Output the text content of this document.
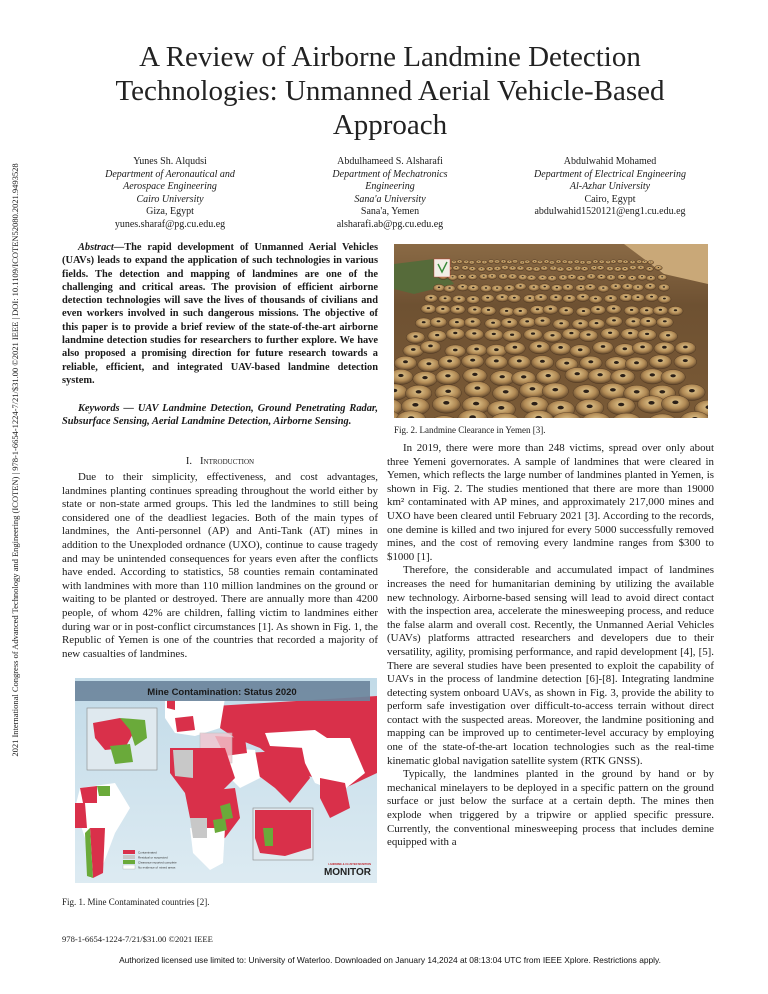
2021 International Congress of Advanced Technology and Engineering (ICOTEN) | 978-1-6654-1224-7/21/$31.00 ©2021 IEEE | DOI: 10.1109/ICOTEN52080.2021.9493528
A Review of Airborne Landmine Detection Technologies: Unmanned Aerial Vehicle-Based Approach
Yunes Sh. Alqudsi
Department of Aeronautical and
Aerospace Engineering
Cairo University
Giza, Egypt
yunes.sharaf@pg.cu.edu.eg
Abdulhameed S. Alsharafi
Department of Mechatronics
Engineering
Sana'a University
Sana'a, Yemen
alsharafi.ab@pg.cu.edu.eg
Abdulwahid Mohamed
Department of Electrical Engineering
Al-Azhar University
Cairo, Egypt
abdulwahid1520121@eng1.cu.edu.eg
Abstract—The rapid development of Unmanned Aerial Vehicles (UAVs) leads to expand the application of such technologies in various fields. The detection and mapping of landmines are one of the challenging and critical areas. The provision of efficient airborne detection technologies will save the lives of thousands of civilians and even workers involved in such dangerous missions. The objective of this paper is to provide a brief review of the state-of-the-art airborne landmine detection studies for researchers to further explore. We have also proposed a promising direction for future research towards a reliable, efficient, and integrated UAV-based landmine detection system.
Keywords — UAV Landmine Detection, Ground Penetrating Radar, Subsurface Sensing, Aerial Landmine Detection, Airborne Sensing.
I. Introduction

Due to their simplicity, effectiveness, and cost advantages, landmines planting continues spreading throughout the world either by state or non-state armed groups. This led the landmines to still being considered one of the deadliest legacies. Both of the main types of landmines, the Anti-personnel (AP) and Anti-Tank (AT) mines in addition to the Unexploded ordnance (UXO), continue to cause tragedy and may be unintended consequences for years even after the conflicts have ended. According to statistics, 58 counties remain contaminated with landmines with more than 110 million landmines on the ground or waiting to be planted or destroyed. There are annually more than 4200 people, of whom 42% are children, falling victim to landmines either during war or in post-conflict circumstances [1]. As shown in Fig. 1, the Republic of Yemen is one of the countries that recorded a majority of new casualties of landmines.

Mine Contamination: Status 2020
Contaminated
Residual or suspected
Clearance reported complete
No evidence of mined areas
LANDMINE & CLUSTER MUNITION
MONITOR
Fig. 1. Mine Contaminated countries [2].
Fig. 2. Landmine Clearance in Yemen [3].

In 2019, there were more than 248 victims, spread over only about three Yemeni governorates. A sample of landmines that were cleared in Yemen, which reflects the large number of landmines planted in Yemen, is shown in Fig. 2. The studies mentioned that there are more than 19000 km² contaminated with AP mines, and approximately 217,000 mines and UXO have been cleared until February 2021 [3]. According to the records, one demine is killed and two injured for every 5000 successfully removed mines, and the cost of removing every landmine ranges from $300 to $1000 [1].

Therefore, the considerable and accumulated impact of landmines increases the need for humanitarian demining by utilizing the available new technology. Airborne-based sensing will lead to avoid direct contact with the inspection area, accelerate the minesweeping process, and reduce the false alarm and overall cost. Recently, the Unmanned Aerial Vehicles (UAVs) platforms attracted researchers and developers due to their versatility, agility, promising performance, and rapid development [4], [5]. There are several studies have been presented to exploit the capability of UAVs in the process of landmine detection [6]-[8]. Integrating landmine detecting system onboard UAVs, as shown in Fig. 3, provide the ability to perform safe investigation over difficult-to-access terrain without direct contact with the suspected areas. Moreover, the landmine positioning and mapping can be improved up to centimeter-level accuracy by employing one of the state-of-the-art location technologies such as the real-time kinematic global navigation satellite system (RTK GNSS).

Typically, the landmines planted in the ground by hand or by mechanical minelayers to be deployed in a specific pattern on the ground surface or just below the surface at a certain depth. The mines then explode when triggered by a tripwire or applied specific pressure. Currently, the conventional minesweeping process that includes demine equipped with a

978-1-6654-1224-7/21/$31.00 ©2021 IEEE
Authorized licensed use limited to: University of Waterloo. Downloaded on January 14,2024 at 08:13:04 UTC from IEEE Xplore. Restrictions apply.
